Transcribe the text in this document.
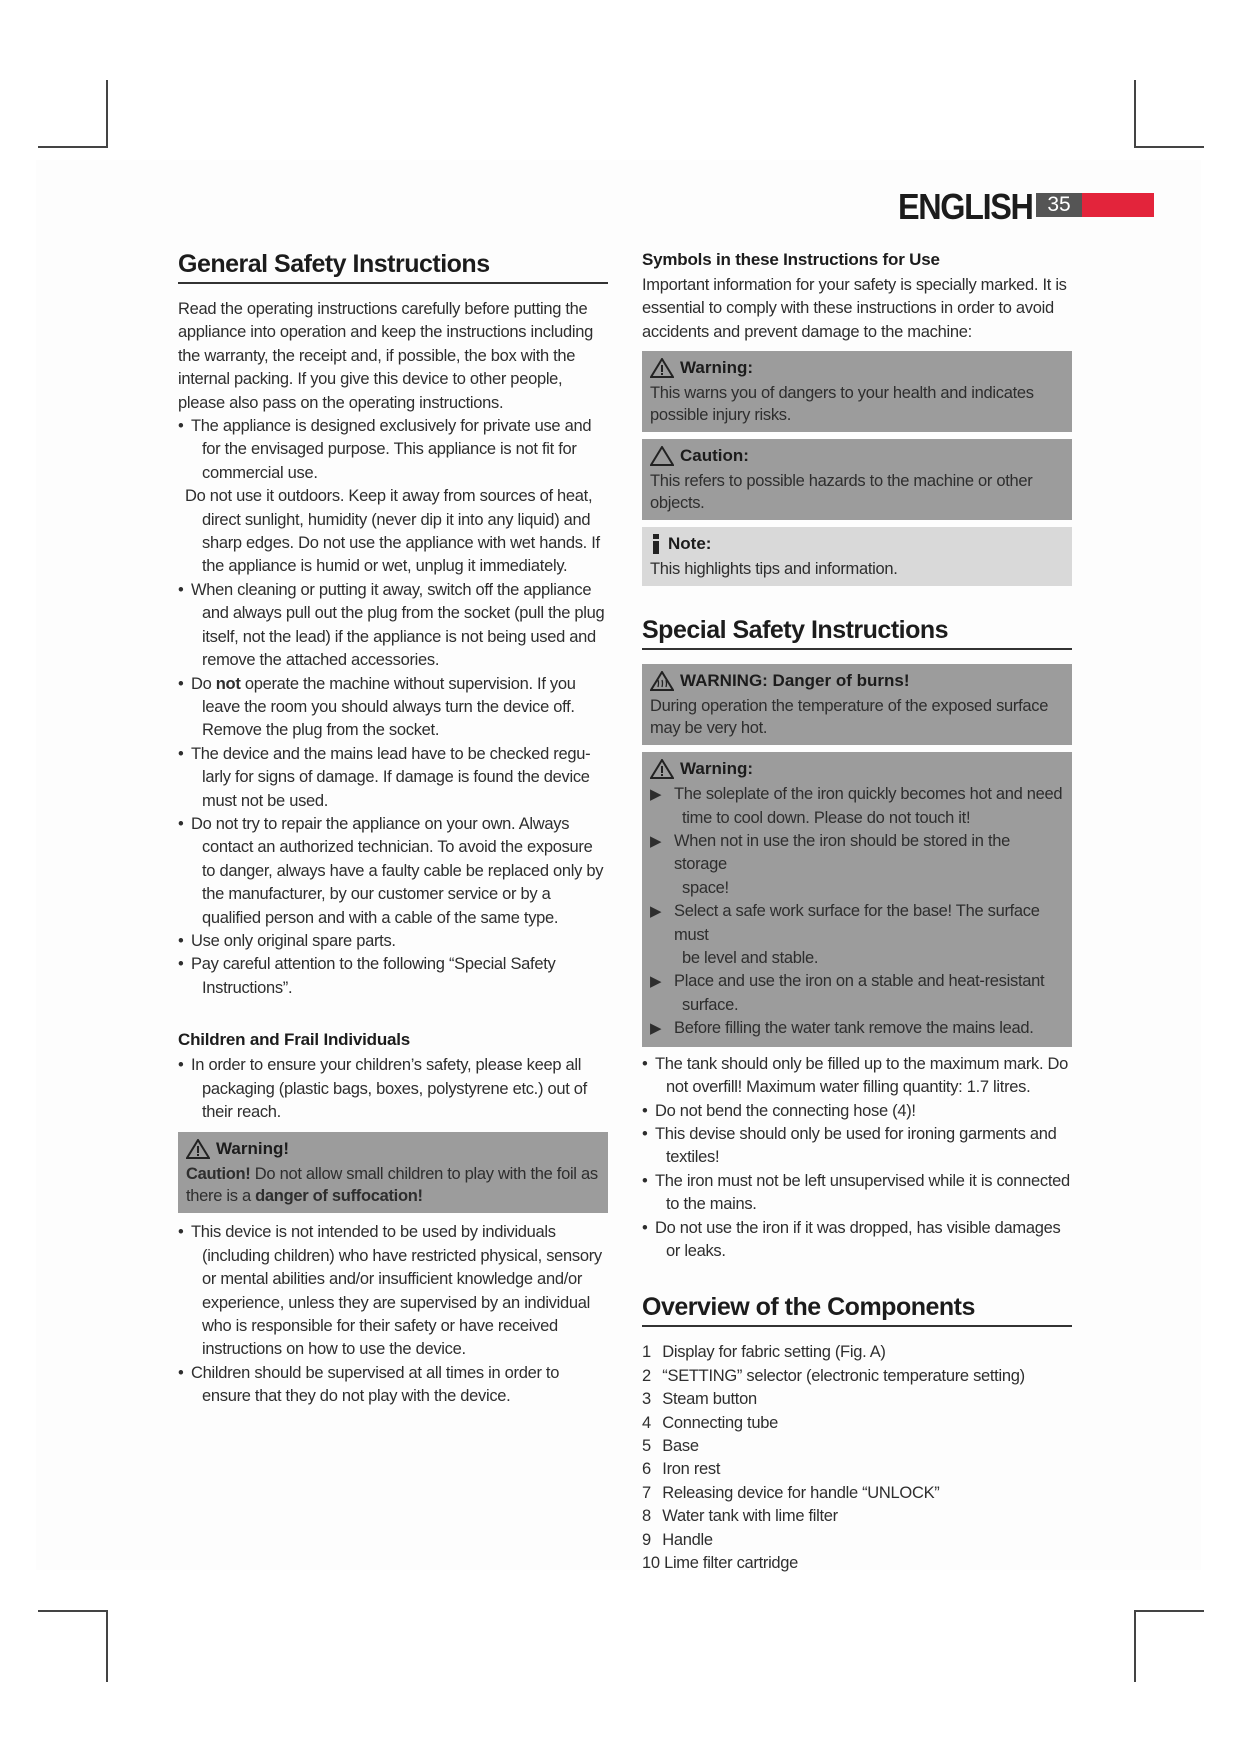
ENGLISH 35
General Safety Instructions
Read the operating instructions carefully before putting the appliance into operation and keep the instructions including the warranty, the receipt and, if possible, the box with the internal packing. If you give this device to other people, please also pass on the operating instructions.
• The appliance is designed exclusively for private use and
for the envisaged purpose. This appliance is not fit for commercial use.
Do not use it outdoors. Keep it away from sources of heat,
direct sunlight, humidity (never dip it into any liquid) and sharp edges. Do not use the appliance with wet hands. If the appliance is humid or wet, unplug it immediately.
• When cleaning or putting it away, switch off the appliance
and always pull out the plug from the socket (pull the plug itself, not the lead) if the appliance is not being used and remove the attached accessories.
• Do not operate the machine without supervision. If you
leave the room you should always turn the device off. Remove the plug from the socket.
• The device and the mains lead have to be checked regu-
larly for signs of damage. If damage is found the device must not be used.
• Do not try to repair the appliance on your own. Always
contact an authorized technician. To avoid the exposure to danger, always have a faulty cable be replaced only by the manufacturer, by our customer service or by a qualified person and with a cable of the same type.
• Use only original spare parts.
• Pay careful attention to the following “Special Safety
Instructions”.
Children and Frail Individuals
• In order to ensure your children’s safety, please keep all
packaging (plastic bags, boxes, polystyrene etc.) out of their reach.
Warning!
Caution! Do not allow small children to play with the foil as there is a danger of suffocation!
• This device is not intended to be used by individuals
(including children) who have restricted physical, sensory or mental abilities and/or insufficient knowledge and/or experience, unless they are supervised by an individual who is responsible for their safety or have received instructions on how to use the device.
• Children should be supervised at all times in order to
ensure that they do not play with the device.
Symbols in these Instructions for Use
Important information for your safety is specially marked. It is essential to comply with these instructions in order to avoid accidents and prevent damage to the machine:
Warning:
This warns you of dangers to your health and indicates possible injury risks.
Caution:
This refers to possible hazards to the machine or other objects.
Note:
This highlights tips and information.
Special Safety Instructions
WARNING: Danger of burns!
During operation the temperature of the exposed surface may be very hot.
Warning:
▶ The soleplate of the iron quickly becomes hot and need
time to cool down. Please do not touch it!
▶ When not in use the iron should be stored in the storage
space!
▶ Select a safe work surface for the base! The surface must
be level and stable.
▶ Place and use the iron on a stable and heat-resistant
surface.
▶ Before filling the water tank remove the mains lead.
• The tank should only be filled up to the maximum mark. Do
not overfill! Maximum water filling quantity: 1.7 litres.
• Do not bend the connecting hose (4)!
• This devise should only be used for ironing garments and
textiles!
• The iron must not be left unsupervised while it is connected
to the mains.
• Do not use the iron if it was dropped, has visible damages
or leaks.
Overview of the Components
1 Display for fabric setting (Fig. A)
2 “SETTING” selector (electronic temperature setting)
3 Steam button
4 Connecting tube
5 Base
6 Iron rest
7 Releasing device for handle “UNLOCK”
8 Water tank with lime filter
9 Handle
10 Lime filter cartridge
